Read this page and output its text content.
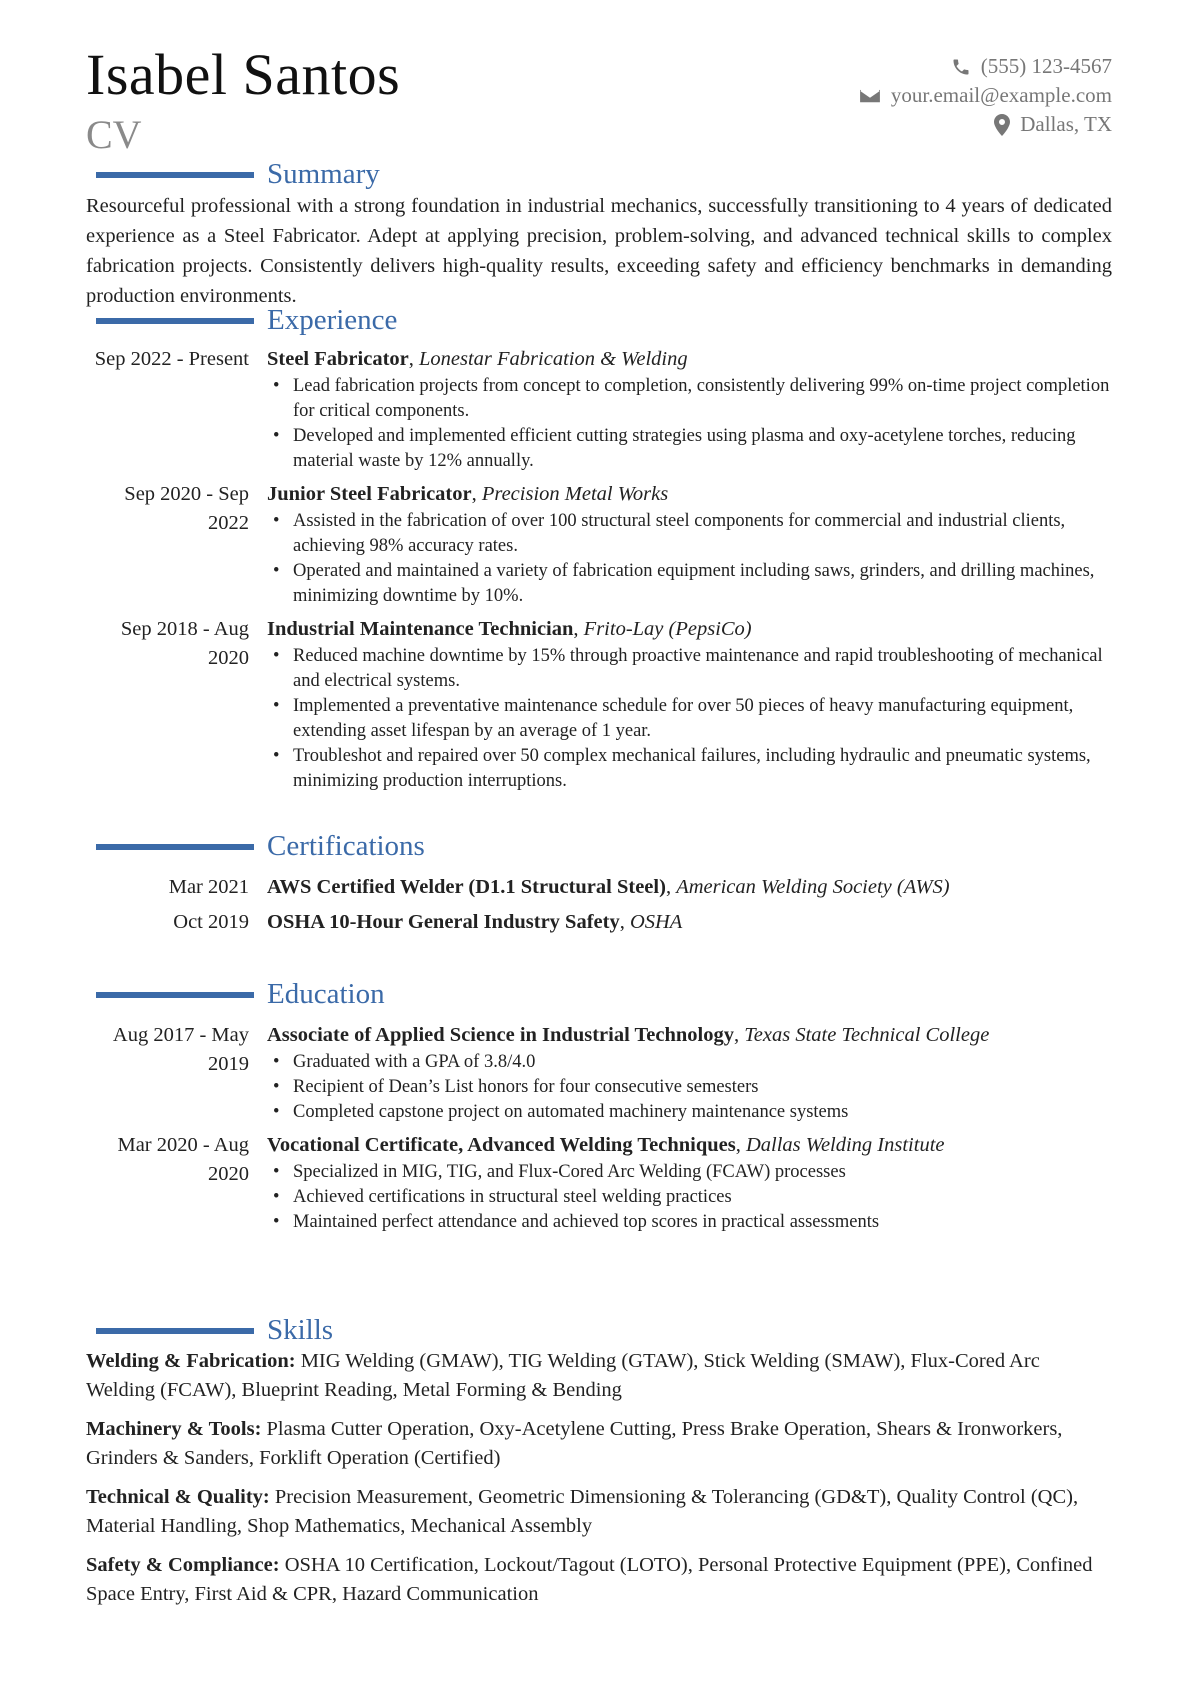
Isabel Santos
CV
(555) 123-4567
your.email@example.com
Dallas, TX
Summary
Resourceful professional with a strong foundation in industrial mechanics, successfully transitioning to 4 years of dedicated experience as a Steel Fabricator. Adept at applying precision, problem-solving, and advanced technical skills to complex fabrication projects. Consistently delivers high-quality results, exceeding safety and efficiency benchmarks in demanding production environments.
Experience
Sep 2022 - Present Steel Fabricator, Lonestar Fabrication & Welding
• Lead fabrication projects from concept to completion, consistently delivering 99% on-time project completion for critical components.
• Developed and implemented efficient cutting strategies using plasma and oxy-acetylene torches, reducing material waste by 12% annually.
Sep 2020 - Sep 2022
Junior Steel Fabricator, Precision Metal Works
• Assisted in the fabrication of over 100 structural steel components for commercial and industrial clients, achieving 98% accuracy rates.
• Operated and maintained a variety of fabrication equipment including saws, grinders, and drilling machines, minimizing downtime by 10%.
Sep 2018 - Aug 2020
Industrial Maintenance Technician, Frito-Lay (PepsiCo)
• Reduced machine downtime by 15% through proactive maintenance and rapid troubleshooting of mechanical and electrical systems.
• Implemented a preventative maintenance schedule for over 50 pieces of heavy manufacturing equipment, extending asset lifespan by an average of 1 year.
• Troubleshot and repaired over 50 complex mechanical failures, including hydraulic and pneumatic systems, minimizing production interruptions.
Certifications
Mar 2021 AWS Certified Welder (D1.1 Structural Steel), American Welding Society (AWS)
Oct 2019 OSHA 10-Hour General Industry Safety, OSHA
Education
Aug 2017 - May 2019
Associate of Applied Science in Industrial Technology, Texas State Technical College
• Graduated with a GPA of 3.8/4.0
• Recipient of Dean’s List honors for four consecutive semesters
• Completed capstone project on automated machinery maintenance systems
Mar 2020 - Aug 2020
Vocational Certificate, Advanced Welding Techniques, Dallas Welding Institute
• Specialized in MIG, TIG, and Flux-Cored Arc Welding (FCAW) processes
• Achieved certifications in structural steel welding practices
• Maintained perfect attendance and achieved top scores in practical assessments
Skills
Welding & Fabrication: MIG Welding (GMAW), TIG Welding (GTAW), Stick Welding (SMAW), Flux-Cored Arc Welding (FCAW), Blueprint Reading, Metal Forming & Bending
Machinery & Tools: Plasma Cutter Operation, Oxy-Acetylene Cutting, Press Brake Operation, Shears & Ironworkers, Grinders & Sanders, Forklift Operation (Certified)
Technical & Quality: Precision Measurement, Geometric Dimensioning & Tolerancing (GD&T), Quality Control (QC), Material Handling, Shop Mathematics, Mechanical Assembly
Safety & Compliance: OSHA 10 Certification, Lockout/Tagout (LOTO), Personal Protective Equipment (PPE), Confined Space Entry, First Aid & CPR, Hazard Communication
